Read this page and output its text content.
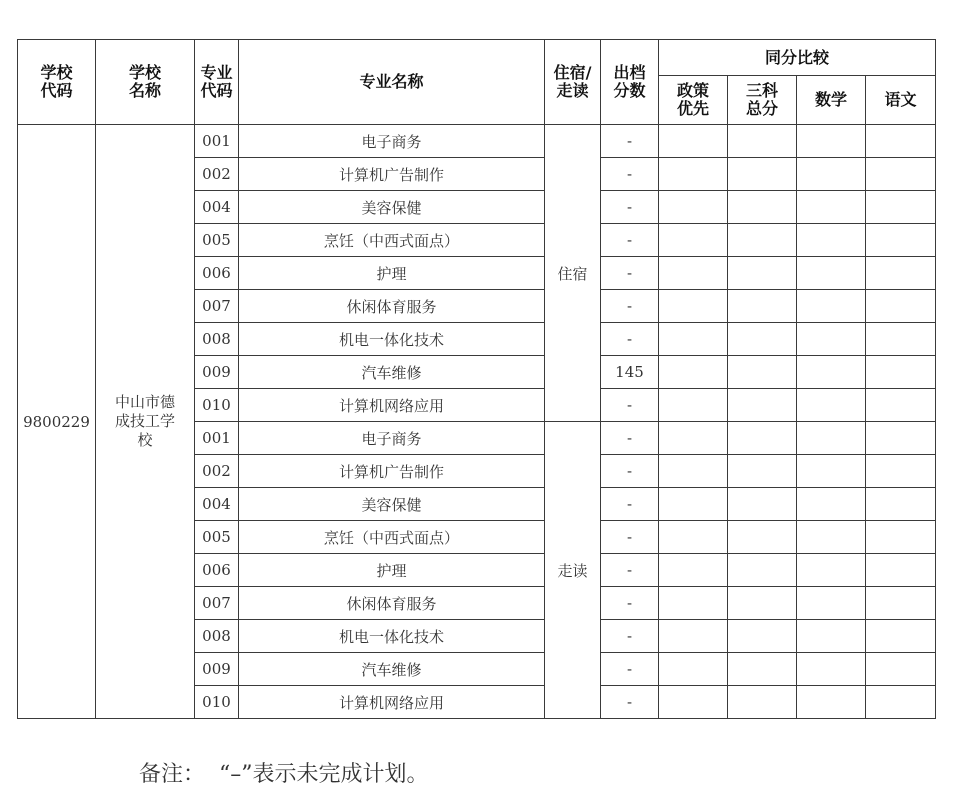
学校代码	学校名称	专业代码	专业名称	住宿/走读	出档分数	同分比较			

						政策优先	三科总分	数学	语文
9800229	中山市德成技工学校	001	电子商务	住宿	-				
		002	计算机广告制作		-				
		004	美容保健		-				
		005	烹饪（中西式面点）		-				
		006	护理		-				
		007	休闲体育服务		-				
		008	机电一体化技术		-				
		009	汽车维修		145				
		010	计算机网络应用		-				
		001	电子商务	走读	-				
		002	计算机广告制作		-				
		004	美容保健		-				
		005	烹饪（中西式面点）		-				
		006	护理		-				
		007	休闲体育服务		-				
		008	机电一体化技术		-				
		009	汽车维修		-				
		010	计算机网络应用		-				
备注： “–”表示未完成计划。
